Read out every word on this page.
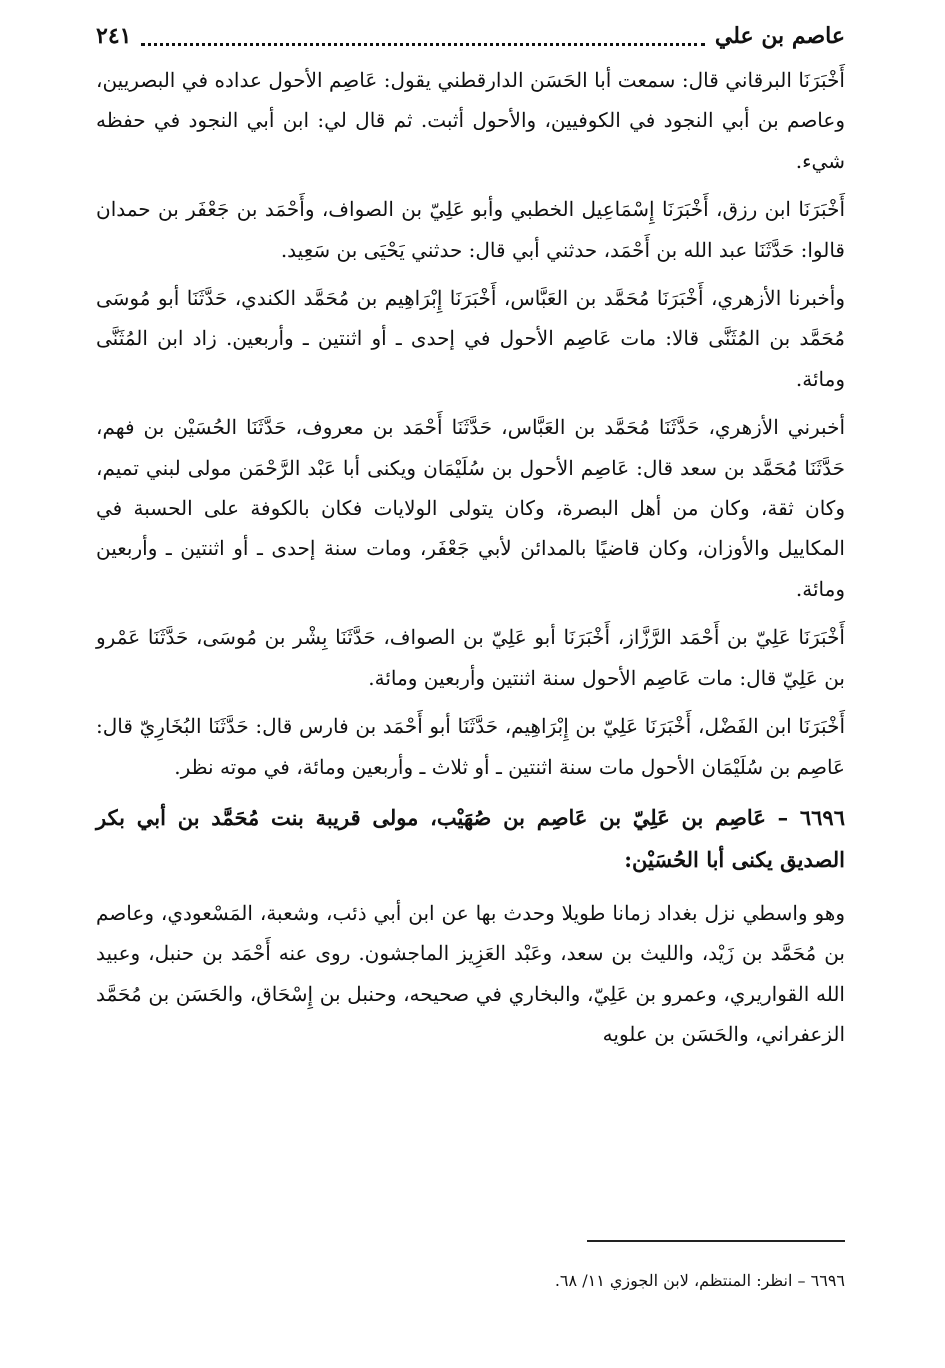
عاصم بن علي
٢٤١

أَخْبَرَنَا البرقاني قال: سمعت أبا الحَسَن الدارقطني يقول: عَاصِم الأحول عداده في البصريين، وعاصم بن أبي النجود في الكوفيين، والأحول أثبت. ثم قال لي: ابن أبي النجود في حفظه شيء.

أَخْبَرَنَا ابن رزق، أَخْبَرَنَا إِسْمَاعِيل الخطبي وأبو عَلِيّ بن الصواف، وأَحْمَد بن جَعْفَر بن حمدان قالوا: حَدَّثَنَا عبد الله بن أَحْمَد، حدثني أبي قال: حدثني يَحْيَى بن سَعِيد.

وأخبرنا الأزهري، أَخْبَرَنَا مُحَمَّد بن العَبَّاس، أَخْبَرَنَا إِبْرَاهِيم بن مُحَمَّد الكندي، حَدَّثَنَا أبو مُوسَى مُحَمَّد بن المُثَنَّى قالا: مات عَاصِم الأحول في إحدى ـ أو اثنتين ـ وأربعين. زاد ابن المُثَنَّى ومائة.

أخبرني الأزهري، حَدَّثَنَا مُحَمَّد بن العَبَّاس، حَدَّثَنَا أَحْمَد بن معروف، حَدَّثَنَا الحُسَيْن بن فهم، حَدَّثَنَا مُحَمَّد بن سعد قال: عَاصِم الأحول بن سُلَيْمَان ويكنى أبا عَبْد الرَّحْمَن مولى لبني تميم، وكان ثقة، وكان من أهل البصرة، وكان يتولى الولايات فكان بالكوفة على الحسبة في المكاييل والأوزان، وكان قاضيًا بالمدائن لأبي جَعْفَر، ومات سنة إحدى ـ أو اثنتين ـ وأربعين ومائة.

أَخْبَرَنَا عَلِيّ بن أَحْمَد الرَّزَّاز، أَخْبَرَنَا أبو عَلِيّ بن الصواف، حَدَّثَنَا بِشْر بن مُوسَى، حَدَّثَنَا عَمْرو بن عَلِيّ قال: مات عَاصِم الأحول سنة اثنتين وأربعين ومائة.

أَخْبَرَنَا ابن الفَضْل، أَخْبَرَنَا عَلِيّ بن إِبْرَاهِيم، حَدَّثَنَا أبو أَحْمَد بن فارس قال: حَدَّثَنَا البُخَارِيّ قال: عَاصِم بن سُلَيْمَان الأحول مات سنة اثنتين ـ أو ثلاث ـ وأربعين ومائة، في موته نظر.

٦٦٩٦ – عَاصِم بن عَلِيّ بن عَاصِم بن صُهَيْب، مولى قريبة بنت مُحَمَّد بن أبي بكر الصديق يكنى أبا الحُسَيْن:

وهو واسطي نزل بغداد زمانا طويلا وحدث بها عن ابن أبي ذئب، وشعبة، المَسْعودي، وعاصم بن مُحَمَّد بن زَيْد، والليث بن سعد، وعَبْد العَزِيز الماجشون. روى عنه أَحْمَد بن حنبل، وعبيد الله القواريري، وعمرو بن عَلِيّ، والبخاري في صحيحه، وحنبل بن إِسْحَاق، والحَسَن بن مُحَمَّد الزعفراني، والحَسَن بن علويه

٦٦٩٦ – انظر: المنتظم، لابن الجوزي ١١/ ٦٨.
